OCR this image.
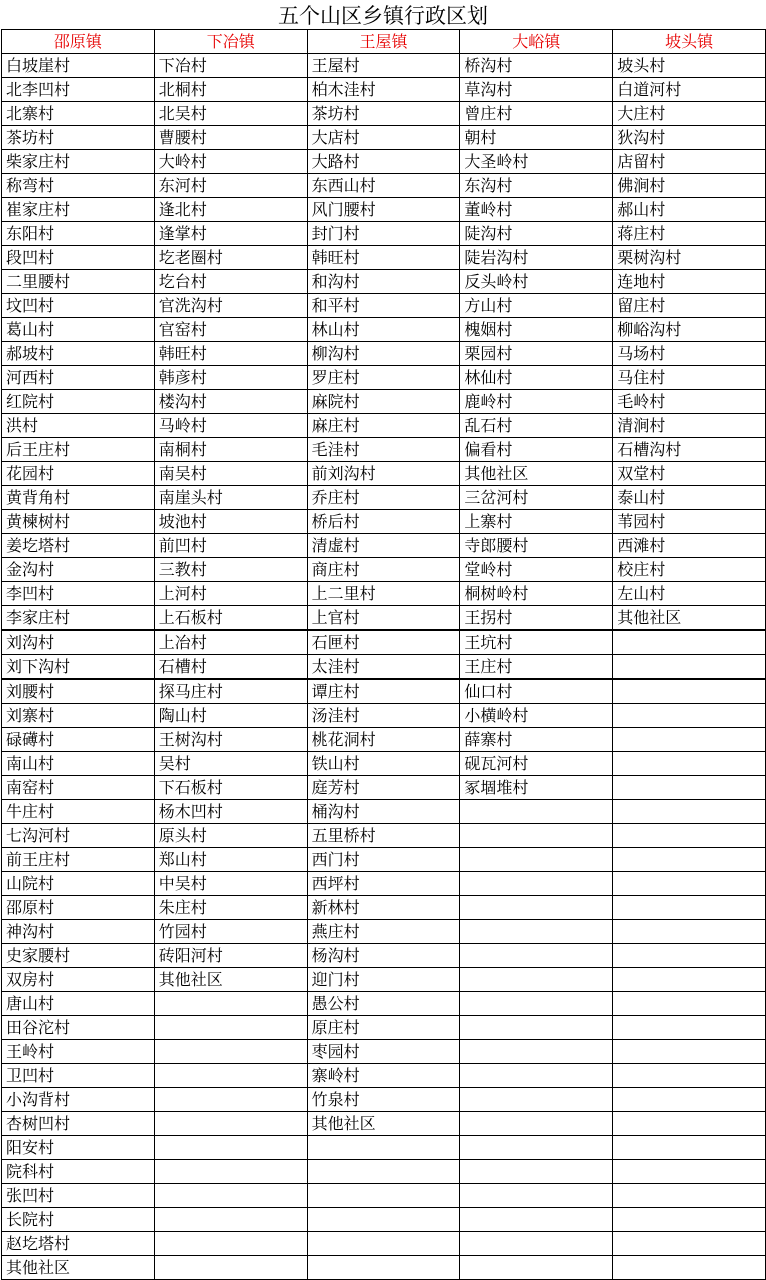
五个山区乡镇行政区划
邵原镇	下冶镇	王屋镇	大峪镇	坡头镇
白坡崖村	下冶村	王屋村	桥沟村	坡头村
北李凹村	北桐村	柏木洼村	草沟村	白道河村
北寨村	北吴村	茶坊村	曾庄村	大庄村
茶坊村	曹腰村	大店村	朝村	狄沟村
柴家庄村	大岭村	大路村	大圣岭村	店留村
称弯村	东河村	东西山村	东沟村	佛涧村
崔家庄村	逢北村	风门腰村	董岭村	郝山村
东阳村	逢掌村	封门村	陡沟村	蒋庄村
段凹村	圪老圈村	韩旺村	陡岩沟村	栗树沟村
二里腰村	圪台村	和沟村	反头岭村	连地村
坟凹村	官洗沟村	和平村	方山村	留庄村
葛山村	官窑村	林山村	槐姻村	柳峪沟村
郝坡村	韩旺村	柳沟村	栗园村	马场村
河西村	韩彦村	罗庄村	林仙村	马住村
红院村	楼沟村	麻院村	鹿岭村	毛岭村
洪村	马岭村	麻庄村	乱石村	清涧村
后王庄村	南桐村	毛洼村	偏看村	石槽沟村
花园村	南吴村	前刘沟村	其他社区	双堂村
黄背角村	南崖头村	乔庄村	三岔河村	泰山村
黄楝树村	坡池村	桥后村	上寨村	苇园村
姜圪塔村	前凹村	清虚村	寺郎腰村	西滩村
金沟村	三教村	商庄村	堂岭村	校庄村
李凹村	上河村	上二里村	桐树岭村	左山村
李家庄村	上石板村	上官村	王拐村	其他社区
刘沟村	上冶村	石匣村	王坑村	
刘下沟村	石槽村	太洼村	王庄村	
刘腰村	探马庄村	谭庄村	仙口村	
刘寨村	陶山村	汤洼村	小横岭村	
碌礡村	王树沟村	桃花洞村	薛寨村	
南山村	吴村	铁山村	砚瓦河村	
南窑村	下石板村	庭芳村	冢堌堆村	
牛庄村	杨木凹村	桶沟村		
七沟河村	原头村	五里桥村		
前王庄村	郑山村	西门村		
山院村	中吴村	西坪村		
邵原村	朱庄村	新林村		
神沟村	竹园村	燕庄村		
史家腰村	砖阳河村	杨沟村		
双房村	其他社区	迎门村		
唐山村		愚公村		
田谷沱村		原庄村		
王岭村		枣园村		
卫凹村		寨岭村		
小沟背村		竹泉村		
杏树凹村		其他社区		
阳安村				
院科村				
张凹村				
长院村				
赵圪塔村				
其他社区				
